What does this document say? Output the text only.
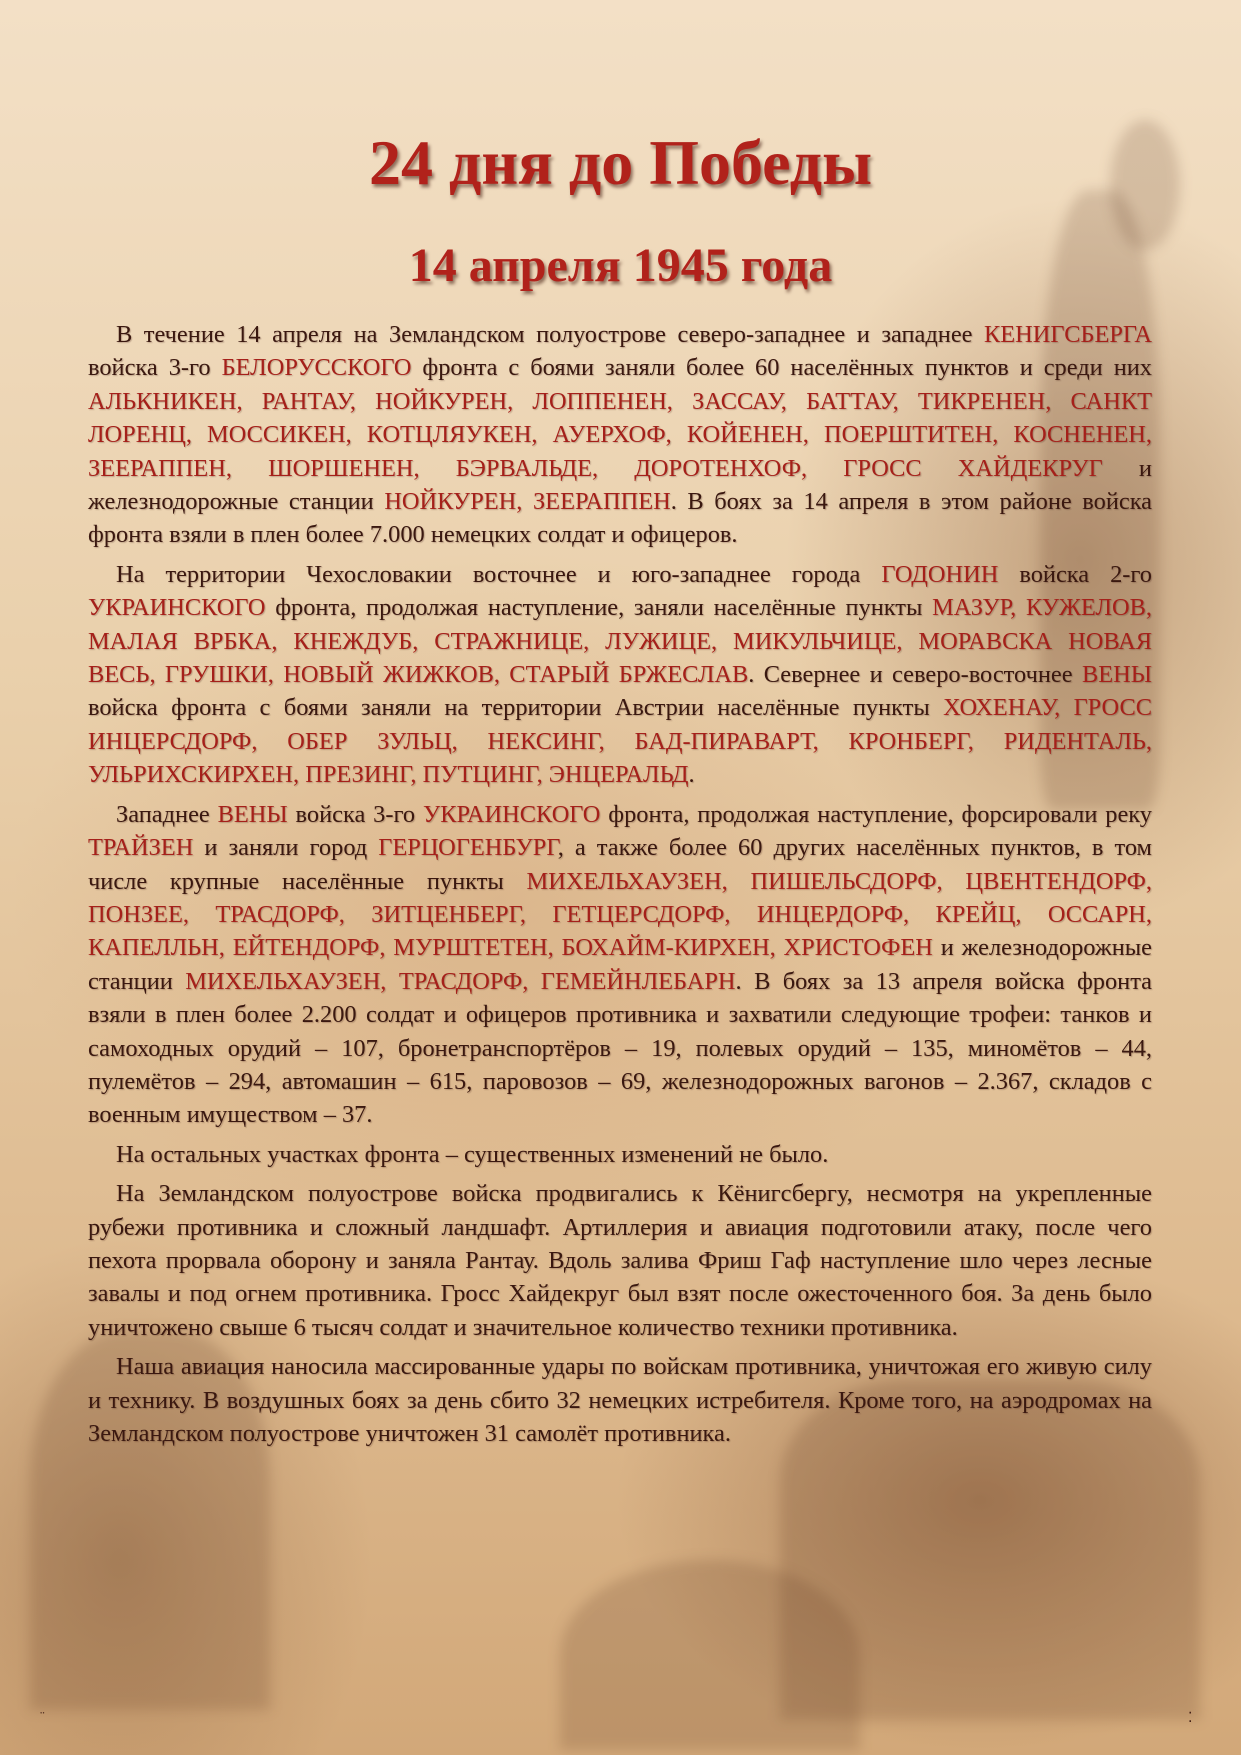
24 дня до Победы
14 апреля 1945 года

В течение 14 апреля на Земландском полуострове северо-западнее и западнее КЕНИГСБЕРГА войска 3-го БЕЛОРУССКОГО фронта с боями заняли более 60 населённых пунктов и среди них АЛЬКНИКЕН, РАНТАУ, НОЙКУРЕН, ЛОППЕНЕН, ЗАССАУ, БАТТАУ, ТИКРЕНЕН, САНКТ ЛОРЕНЦ, МОССИКЕН, КОТЦЛЯУКЕН, АУЕРХОФ, КОЙЕНЕН, ПОЕРШТИТЕН, КОСНЕНЕН, ЗЕЕРАППЕН, ШОРШЕНЕН, БЭРВАЛЬДЕ, ДОРОТЕНХОФ, ГРОСС ХАЙДЕКРУГ и железнодорожные станции НОЙКУРЕН, ЗЕЕРАППЕН. В боях за 14 апреля в этом районе войска фронта взяли в плен более 7.000 немецких солдат и офицеров.

На территории Чехословакии восточнее и юго-западнее города ГОДОНИН войска 2-го УКРАИНСКОГО фронта, продолжая наступление, заняли населённые пункты МАЗУР, КУЖЕЛОВ, МАЛАЯ ВРБКА, КНЕЖДУБ, СТРАЖНИЦЕ, ЛУЖИЦЕ, МИКУЛЬЧИЦЕ, МОРАВСКА НОВАЯ ВЕСЬ, ГРУШКИ, НОВЫЙ ЖИЖКОВ, СТАРЫЙ БРЖЕСЛАВ. Севернее и северо-восточнее ВЕНЫ войска фронта с боями заняли на территории Австрии населённые пункты ХОХЕНАУ, ГРОСС ИНЦЕРСДОРФ, ОБЕР ЗУЛЬЦ, НЕКСИНГ, БАД-ПИРАВАРТ, КРОНБЕРГ, РИДЕНТАЛЬ, УЛЬРИХСКИРХЕН, ПРЕЗИНГ, ПУТЦИНГ, ЭНЦЕРАЛЬД.

Западнее ВЕНЫ войска 3-го УКРАИНСКОГО фронта, продолжая наступление, форсировали реку ТРАЙЗЕН и заняли город ГЕРЦОГЕНБУРГ, а также более 60 других населённых пунктов, в том числе крупные населённые пункты МИХЕЛЬХАУЗЕН, ПИШЕЛЬСДОРФ, ЦВЕНТЕНДОРФ, ПОНЗЕЕ, ТРАСДОРФ, ЗИТЦЕНБЕРГ, ГЕТЦЕРСДОРФ, ИНЦЕРДОРФ, КРЕЙЦ, ОССАРН, КАПЕЛЛЬН, ЕЙТЕНДОРФ, МУРШТЕТЕН, БОХАЙМ-КИРХЕН, ХРИСТОФЕН и железнодорожные станции МИХЕЛЬХАУЗЕН, ТРАСДОРФ, ГЕМЕЙНЛЕБАРН. В боях за 13 апреля войска фронта взяли в плен более 2.200 солдат и офицеров противника и захватили следующие трофеи: танков и самоходных орудий – 107, бронетранспортёров – 19, полевых орудий – 135, миномётов – 44, пулемётов – 294, автомашин – 615, паровозов – 69, железнодорожных вагонов – 2.367, складов с военным имуществом – 37.

На остальных участках фронта – существенных изменений не было.

На Земландском полуострове войска продвигались к Кёнигсбергу, несмотря на укрепленные рубежи противника и сложный ландшафт. Артиллерия и авиация подготовили атаку, после чего пехота прорвала оборону и заняла Рантау. Вдоль залива Фриш Гаф наступление шло через лесные завалы и под огнем противника. Гросс Хайдекруг был взят после ожесточенного боя. За день было уничтожено свыше 6 тысяч солдат и значительное количество техники противника.

Наша авиация наносила массированные удары по войскам противника, уничтожая его живую силу и технику. В воздушных боях за день сбито 32 немецких истребителя. Кроме того, на аэродромах на Земландском полуострове уничтожен 31 самолёт противника.

¨	⁚
